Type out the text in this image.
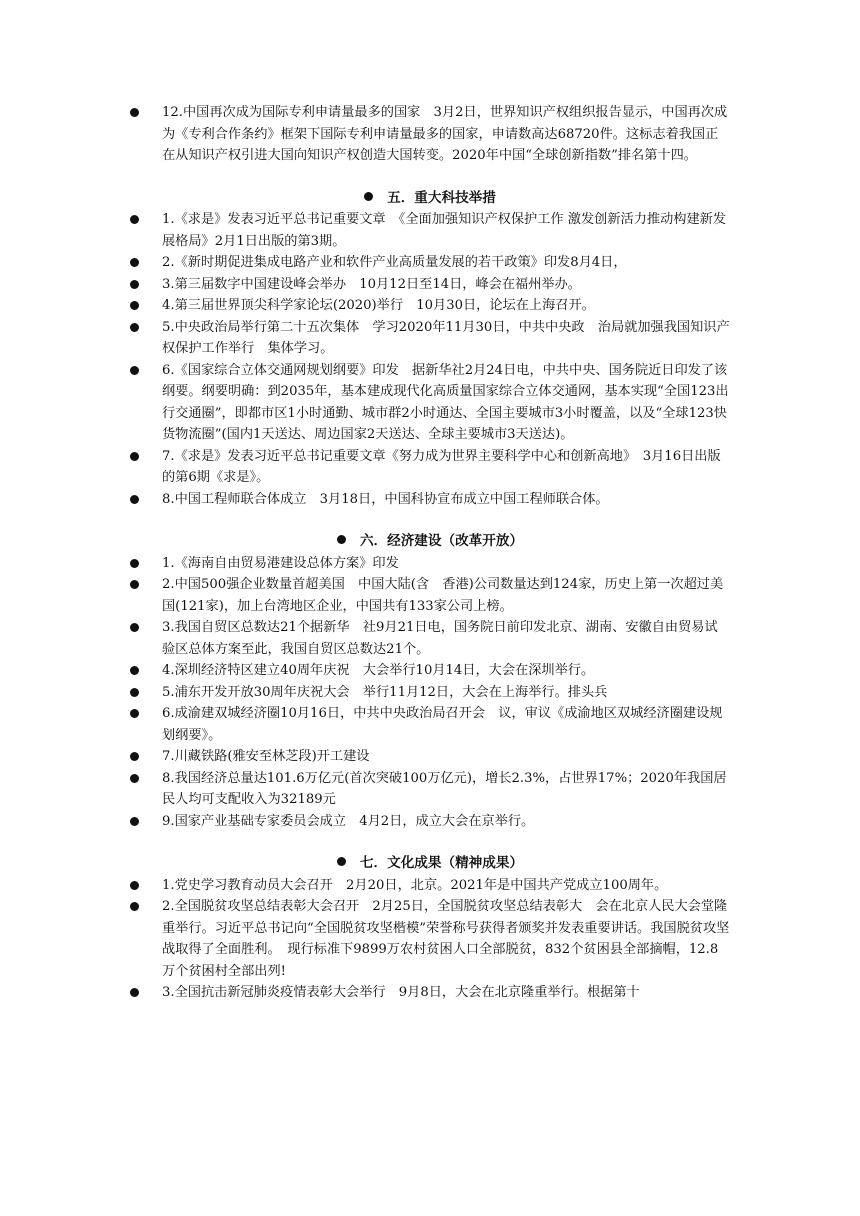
12.中国再次成为国际专利申请量最多的国家　3月2日，世界知识产权组织报告显示，中国再次成为《专利合作条约》框架下国际专利申请量最多的国家，申请数高达68720件。这标志着我国正在从知识产权引进大国向知识产权创造大国转变。2020年中国“全球创新指数”排名第十四。
五．重大科技举措
1.《求是》发表习近平总书记重要文章　《全面加强知识产权保护工作 激发创新活力推动构建新发展格局》2月1日出版的第3期。
2.《新时期促进集成电路产业和软件产业高质量发展的若干政策》印发8月4日，
3.第三届数字中国建设峰会举办　10月12日至14日，峰会在福州举办。
4.第三届世界顶尖科学家论坛(2020)举行　10月30日，论坛在上海召开。
5.中央政治局举行第二十五次集体　学习2020年11月30日，中共中央政　治局就加强我国知识产权保护工作举行　集体学习。
6.《国家综合立体交通网规划纲要》印发　据新华社2月24日电，中共中央、国务院近日印发了该纲要。纲要明确：到2035年，基本建成现代化高质量国家综合立体交通网，基本实现“全国123出行交通圈”，即都市区1小时通勤、城市群2小时通达、全国主要城市3小时覆盖，以及“全球123快货物流圈”(国内1天送达、周边国家2天送达、全球主要城市3天送达)。
7.《求是》发表习近平总书记重要文章《努力成为世界主要科学中心和创新高地》　3月16日出版的第6期《求是》。
8.中国工程师联合体成立　3月18日，中国科协宣布成立中国工程师联合体。
六．经济建设（改革开放）
1.《海南自由贸易港建设总体方案》印发
2.中国500强企业数量首超美国　中国大陆(含　香港)公司数量达到124家，历史上第一次超过美国(121家)，加上台湾地区企业，中国共有133家公司上榜。
3.我国自贸区总数达21个据新华　社9月21日电，国务院日前印发北京、湖南、安徽自由贸易试验区总体方案至此，我国自贸区总数达21个。
4.深圳经济特区建立40周年庆祝　大会举行10月14日，大会在深圳举行。
5.浦东开发开放30周年庆祝大会　举行11月12日，大会在上海举行。排头兵
6.成渝建双城经济圈10月16日，中共中央政治局召开会　议，审议《成渝地区双城经济圈建设规划纲要》。
7.川藏铁路(雅安至林芝段)开工建设
8.我国经济总量达101.6万亿元(首次突破100万亿元)，增长2.3%，占世界17%；2020年我国居民人均可支配收入为32189元
9.国家产业基础专家委员会成立　4月2日，成立大会在京举行。
七．文化成果（精神成果）
1.党史学习教育动员大会召开　2月20日，北京。2021年是中国共产党成立100周年。
2.全国脱贫攻坚总结表彰大会召开　2月25日，全国脱贫攻坚总结表彰大　会在北京人民大会堂隆重举行。习近平总书记向“全国脱贫攻坚楷模”荣誉称号获得者颁奖并发表重要讲话。我国脱贫攻坚战取得了全面胜利。　现行标准下9899万农村贫困人口全部脱贫，832个贫困县全部摘帽，12.8万个贫困村全部出列!
3.全国抗击新冠肺炎疫情表彰大会举行　9月8日，大会在北京隆重举行。根据第十
